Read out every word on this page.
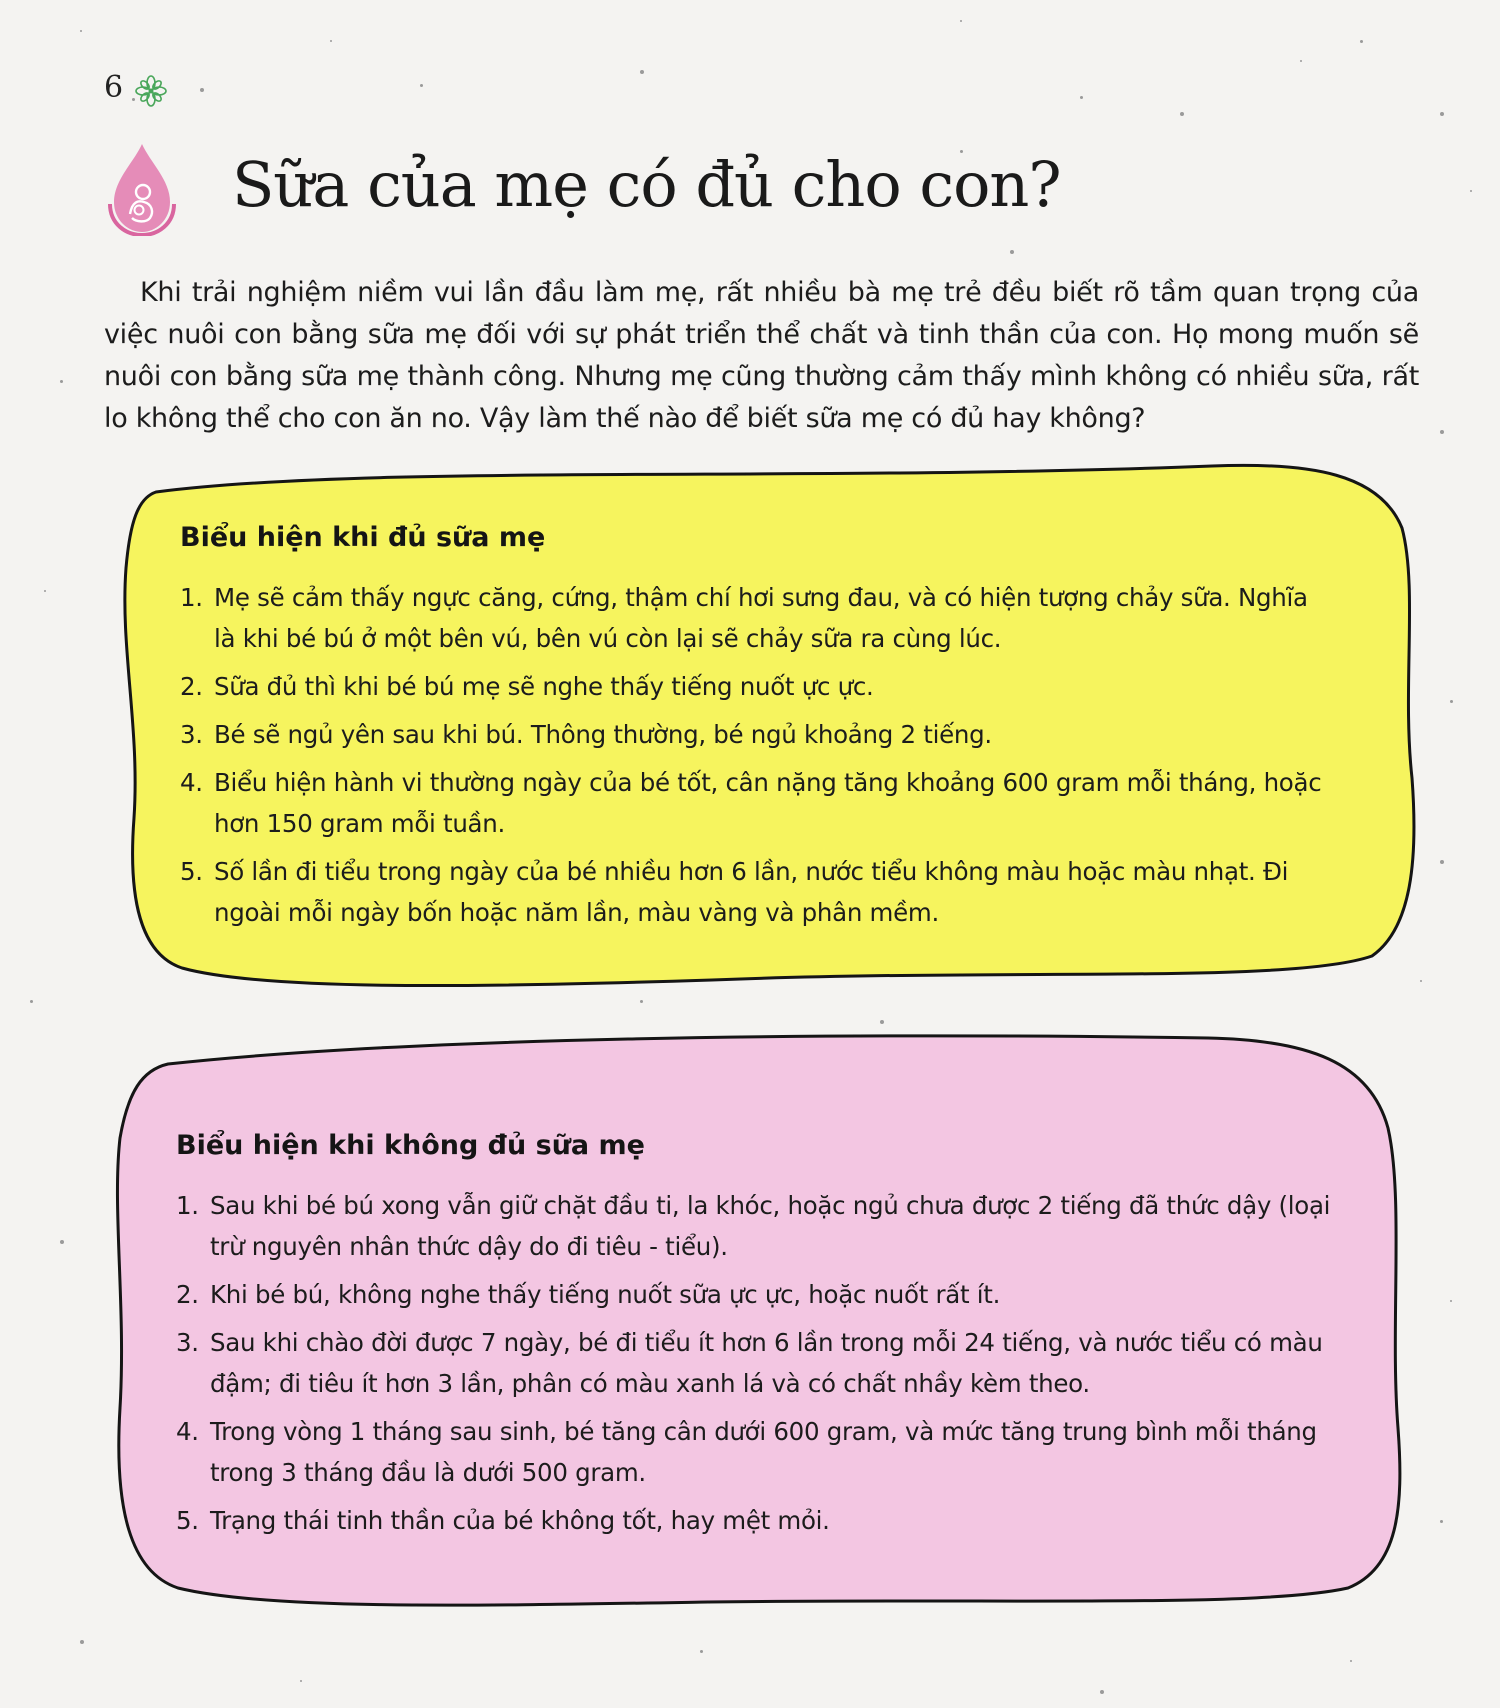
6
Sữa của mẹ có đủ cho con?

Khi trải nghiệm niềm vui lần đầu làm mẹ, rất nhiều bà mẹ trẻ đều biết rõ tầm quan trọng của việc nuôi con bằng sữa mẹ đối với sự phát triển thể chất và tinh thần của con. Họ mong muốn sẽ nuôi con bằng sữa mẹ thành công. Nhưng mẹ cũng thường cảm thấy mình không có nhiều sữa, rất lo không thể cho con ăn no. Vậy làm thế nào để biết sữa mẹ có đủ hay không?

Biểu hiện khi đủ sữa mẹ
1. Mẹ sẽ cảm thấy ngực căng, cứng, thậm chí hơi sưng đau, và có hiện tượng chảy sữa. Nghĩa là khi bé bú ở một bên vú, bên vú còn lại sẽ chảy sữa ra cùng lúc.
2. Sữa đủ thì khi bé bú mẹ sẽ nghe thấy tiếng nuốt ực ực.
3. Bé sẽ ngủ yên sau khi bú. Thông thường, bé ngủ khoảng 2 tiếng.
4. Biểu hiện hành vi thường ngày của bé tốt, cân nặng tăng khoảng 600 gram mỗi tháng, hoặc hơn 150 gram mỗi tuần.
5. Số lần đi tiểu trong ngày của bé nhiều hơn 6 lần, nước tiểu không màu hoặc màu nhạt. Đi ngoài mỗi ngày bốn hoặc năm lần, màu vàng và phân mềm.
Biểu hiện khi không đủ sữa mẹ
1. Sau khi bé bú xong vẫn giữ chặt đầu ti, la khóc, hoặc ngủ chưa được 2 tiếng đã thức dậy (loại trừ nguyên nhân thức dậy do đi tiêu - tiểu).
2. Khi bé bú, không nghe thấy tiếng nuốt sữa ực ực, hoặc nuốt rất ít.
3. Sau khi chào đời được 7 ngày, bé đi tiểu ít hơn 6 lần trong mỗi 24 tiếng, và nước tiểu có màu đậm; đi tiêu ít hơn 3 lần, phân có màu xanh lá và có chất nhầy kèm theo.
4. Trong vòng 1 tháng sau sinh, bé tăng cân dưới 600 gram, và mức tăng trung bình mỗi tháng trong 3 tháng đầu là dưới 500 gram.
5. Trạng thái tinh thần của bé không tốt, hay mệt mỏi.
